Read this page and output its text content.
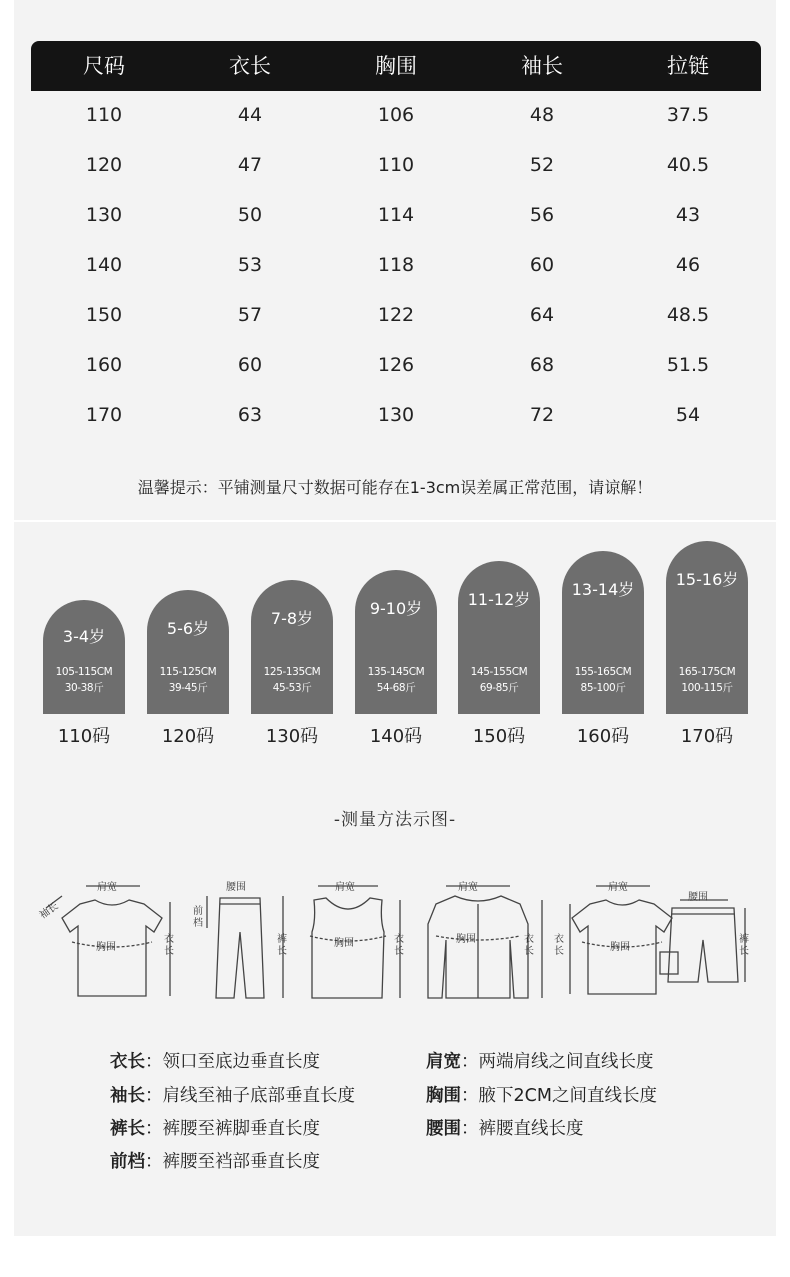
尺码	衣长	胸围	袖长	拉链
110	44	106	48	37.5
120	47	110	52	40.5
130	50	114	56	43
140	53	118	60	46
150	57	122	64	48.5
160	60	126	68	51.5
170	63	130	72	54
温馨提示：平铺测量尺寸数据可能存在1-3cm误差属正常范围，请谅解！
3-4岁
105-115CM
30-38斤
5-6岁
115-125CM
39-45斤
7-8岁
125-135CM
45-53斤
9-10岁
135-145CM
54-68斤
11-12岁
145-155CM
69-85斤
13-14岁
155-165CM
85-100斤
15-16岁
165-175CM
100-115斤
110码	120码	130码	140码	150码	160码	170码
-测量方法示图-
肩宽
袖长
胸围
衣长
腰围
前档
裤长
肩宽
胸围	衣长
肩宽
胸围	衣长
肩宽
衣长	胸围
腰围
裤长
衣长：领口至底边垂直长度	肩宽：两端肩线之间直线长度
袖长：肩线至袖子底部垂直长度	胸围：腋下2CM之间直线长度
裤长：裤腰至裤脚垂直长度	腰围：裤腰直线长度
前档：裤腰至裆部垂直长度
